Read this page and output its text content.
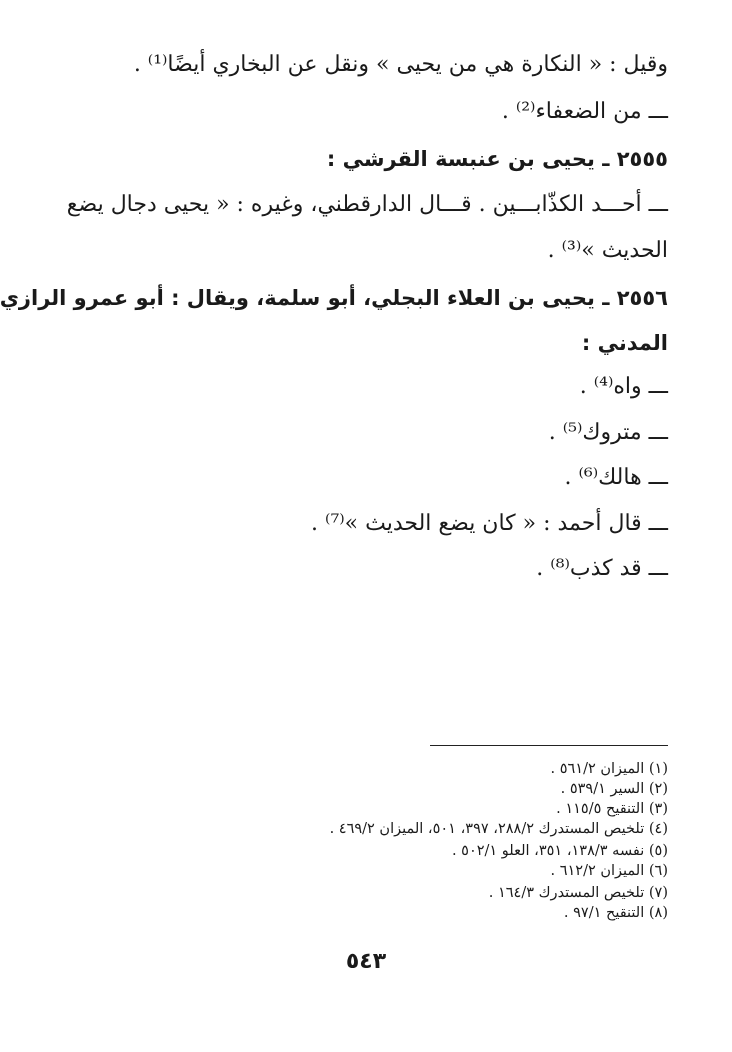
وقيل : « النكارة هي من يحيى » ونقل عن البخاري أيضًا⁽¹⁾ .
ـــ من الضعفاء⁽²⁾ .
٢٥٥٥ ـ يحيى بن عنبسة القرشي :
ـــ أحـــد الكذّابـــين . قـــال الدارقطني، وغيره : « يحيى دجال يضع
الحديث »⁽³⁾ .
٢٥٥٦ ـ يحيى بن العلاء البجلي، أبو سلمة، ويقال : أبو عمرو الرازي
المدني :
ـــ واه⁽⁴⁾ .
ـــ متروك⁽⁵⁾ .
ـــ هالك⁽⁶⁾ .
ـــ قال أحمد : « كان يضع الحديث »⁽⁷⁾ .
ـــ قد كذب⁽⁸⁾ .
(١) الميزان ٥٦١/٢ .
(٢) السير ٥٣٩/١ .
(٣) التنقيح ١١٥/٥ .
(٤) تلخيص المستدرك ٢٨٨/٢، ٣٩٧، ٥٠١، الميزان ٤٦٩/٢ .
(٥) نفسه ١٣٨/٣، ٣٥١، العلو ٥٠٢/١ .
(٦) الميزان ٦١٢/٢ .
(٧) تلخيص المستدرك ١٦٤/٣ .
(٨) التنقيح ٩٧/١ .
٥٤٣
